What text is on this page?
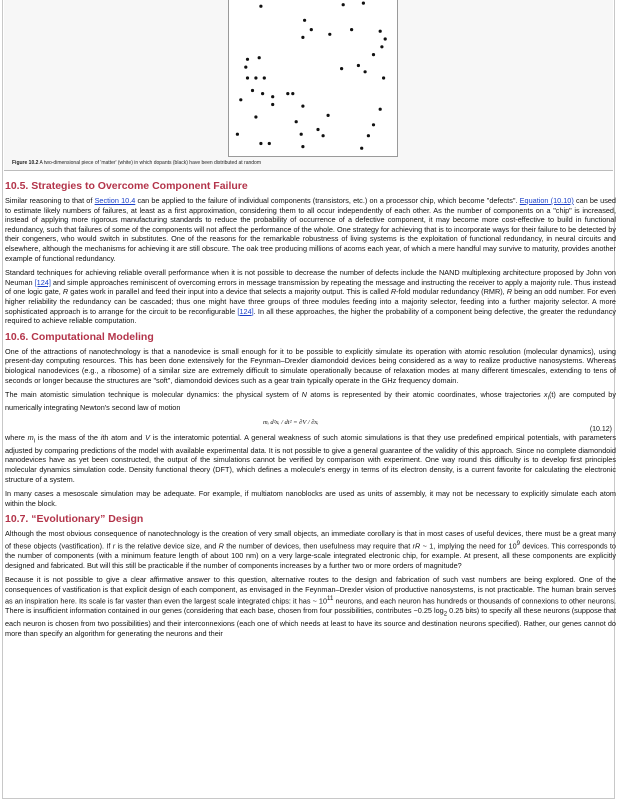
Figure 10.2 A two-dimensional piece of 'matter' (white) in which dopants (black) have been distributed at random
10.5. Strategies to Overcome Component Failure

Similar reasoning to that of Section 10.4 can be applied to the failure of individual components (transistors, etc.) on a processor chip, which become "defects". Equation (10.10) can be used to estimate likely numbers of failures, at least as a first approximation, considering them to all occur independently of each other. As the number of components on a "chip" is increased, instead of applying more rigorous manufacturing standards to reduce the probability of occurrence of a defective component, it may become more cost-effective to build in functional redundancy, such that failures of some of the components will not affect the performance of the whole. One strategy for achieving that is to incorporate ways for their failure to be detected by their congeners, who would switch in substitutes. One of the reasons for the remarkable robustness of living systems is the exploitation of functional redundancy, in neural circuits and elsewhere, although the mechanisms for achieving it are still obscure. The oak tree producing millions of acorns each year, of which a mere handful may survive to maturity, provides another example of functional redundancy.

Standard techniques for achieving reliable overall performance when it is not possible to decrease the number of defects include the NAND multiplexing architecture proposed by John von Neuman [124] and simple approaches reminiscent of overcoming errors in message transmission by repeating the message and instructing the receiver to apply a majority rule. Thus instead of one logic gate, R gates work in parallel and feed their input into a device that selects a majority output. This is called R-fold modular redundancy (RMR), R being an odd number. For even higher reliability the redundancy can be cascaded; thus one might have three groups of three modules feeding into a majority selector, feeding into a further majority selector. A more sophisticated approach is to arrange for the circuit to be reconfigurable [124]. In all these approaches, the higher the probability of a component being defective, the greater the redundancy required to achieve reliable computation.

10.6. Computational Modeling

One of the attractions of nanotechnology is that a nanodevice is small enough for it to be possible to explicitly simulate its operation with atomic resolution (molecular dynamics), using present-day computing resources. This has been done extensively for the Feynman–Drexler diamondoid devices being considered as a way to realize productive nanosystems. Whereas biological nanodevices (e.g., a ribosome) of a similar size are extremely difficult to simulate operationally because of relaxation modes at many different timescales, extending to tens of seconds or longer because the structures are "soft", diamondoid devices such as a gear train typically operate in the GHz frequency domain.

The main atomistic simulation technique is molecular dynamics: the physical system of N atoms is represented by their atomic coordinates, whose trajectories $x_i(t)$ are computed by numerically integrating Newton's second law of motion

mᵢ d²xᵢ / dt² = ∂V / ∂xᵢ
(10.12)

where $m_i$ is the mass of the ith atom and V is the interatomic potential. A general weakness of such atomic simulations is that they use predefined empirical potentials, with parameters adjusted by comparing predictions of the model with available experimental data. It is not possible to give a general guarantee of the validity of this approach. Since no complete diamondoid nanodevices have as yet been constructed, the output of the simulations cannot be verified by comparison with experiment. One way round this difficulty is to develop first principles molecular dynamics simulation code. Density functional theory (DFT), which defines a molecule's energy in terms of its electron density, is a current favorite for calculating the electronic structure of a system.

In many cases a mesoscale simulation may be adequate. For example, if multiatom nanoblocks are used as units of assembly, it may not be necessary to explicitly simulate each atom within the block.

10.7. “Evolutionary” Design

Although the most obvious consequence of nanotechnology is the creation of very small objects, an immediate corollary is that in most cases of useful devices, there must be a great many of these objects (vastification). If r is the relative device size, and R the number of devices, then usefulness may require that rR ~ 1, implying the need for $10^9$ devices. This corresponds to the number of components (with a minimum feature length of about 100 nm) on a very large-scale integrated electronic chip, for example. At present, all these components are explicitly designed and fabricated. But will this still be practicable if the number of components increases by a further two or more orders of magnitude?

Because it is not possible to give a clear affirmative answer to this question, alternative routes to the design and fabrication of such vast numbers are being explored. One of the consequences of vastification is that explicit design of each component, as envisaged in the Feynman–Drexler vision of productive nanosystems, is not practicable. The human brain serves as an inspiration here. Its scale is far vaster than even the largest scale integrated chips: it has ~ $10^{11}$ neurons, and each neuron has hundreds or thousands of connexions to other neurons. There is insufficient information contained in our genes (considering that each base, chosen from four possibilities, contributes −0.25 $\log_2 0.25$ bits) to specify all these neurons (suppose that each neuron is chosen from two possibilities) and their interconnexions (each one of which needs at least to have its source and destination neurons specified). Rather, our genes cannot do more than specify an algorithm for generating the neurons and their
